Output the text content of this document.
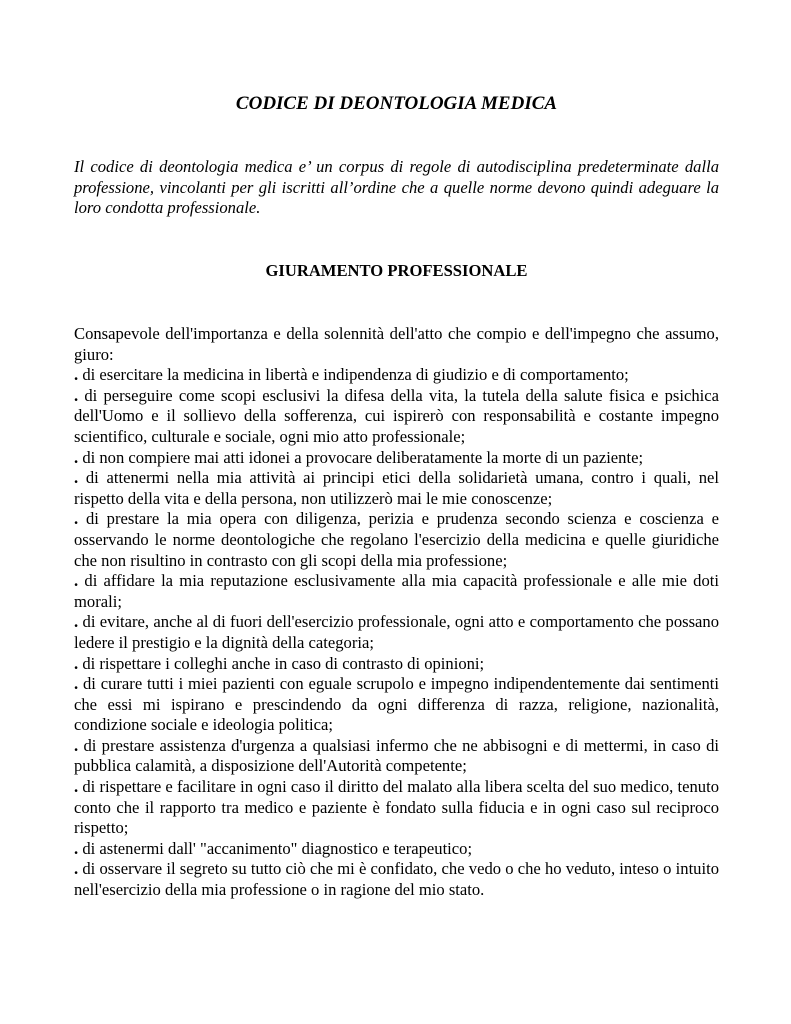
CODICE DI DEONTOLOGIA MEDICA

Il codice di deontologia medica e’ un corpus di regole di autodisciplina predeterminate dalla professione, vincolanti per gli iscritti all’ordine che a quelle norme devono quindi adeguare la loro condotta professionale.

GIURAMENTO PROFESSIONALE
Consapevole dell'importanza e della solennità dell'atto che compio e dell'impegno che assumo, giuro:
. di esercitare la medicina in libertà e indipendenza di giudizio e di comportamento;
. di perseguire come scopi esclusivi la difesa della vita, la tutela della salute fisica e psichica dell'Uomo e il sollievo della sofferenza, cui ispirerò con responsabilità e costante impegno scientifico, culturale e sociale, ogni mio atto professionale;
. di non compiere mai atti idonei a provocare deliberatamente la morte di un paziente;
. di attenermi nella mia attività ai principi etici della solidarietà umana, contro i quali, nel rispetto della vita e della persona, non utilizzerò mai le mie conoscenze;
. di prestare la mia opera con diligenza, perizia e prudenza secondo scienza e coscienza e osservando le norme deontologiche che regolano l'esercizio della medicina e quelle giuridiche che non risultino in contrasto con gli scopi della mia professione;
. di affidare la mia reputazione esclusivamente alla mia capacità professionale e alle mie doti morali;
. di evitare, anche al di fuori dell'esercizio professionale, ogni atto e comportamento che possano ledere il prestigio e la dignità della categoria;
. di rispettare i colleghi anche in caso di contrasto di opinioni;
. di curare tutti i miei pazienti con eguale scrupolo e impegno indipendentemente dai sentimenti che essi mi ispirano e prescindendo da ogni differenza di razza, religione, nazionalità, condizione sociale e ideologia politica;
. di prestare assistenza d'urgenza a qualsiasi infermo che ne abbisogni e di mettermi, in caso di pubblica calamità, a disposizione dell'Autorità competente;
. di rispettare e facilitare in ogni caso il diritto del malato alla libera scelta del suo medico, tenuto conto che il rapporto tra medico e paziente è fondato sulla fiducia e in ogni caso sul reciproco rispetto;
. di astenermi dall' "accanimento" diagnostico e terapeutico;
. di osservare il segreto su tutto ciò che mi è confidato, che vedo o che ho veduto, inteso o intuito nell'esercizio della mia professione o in ragione del mio stato.
